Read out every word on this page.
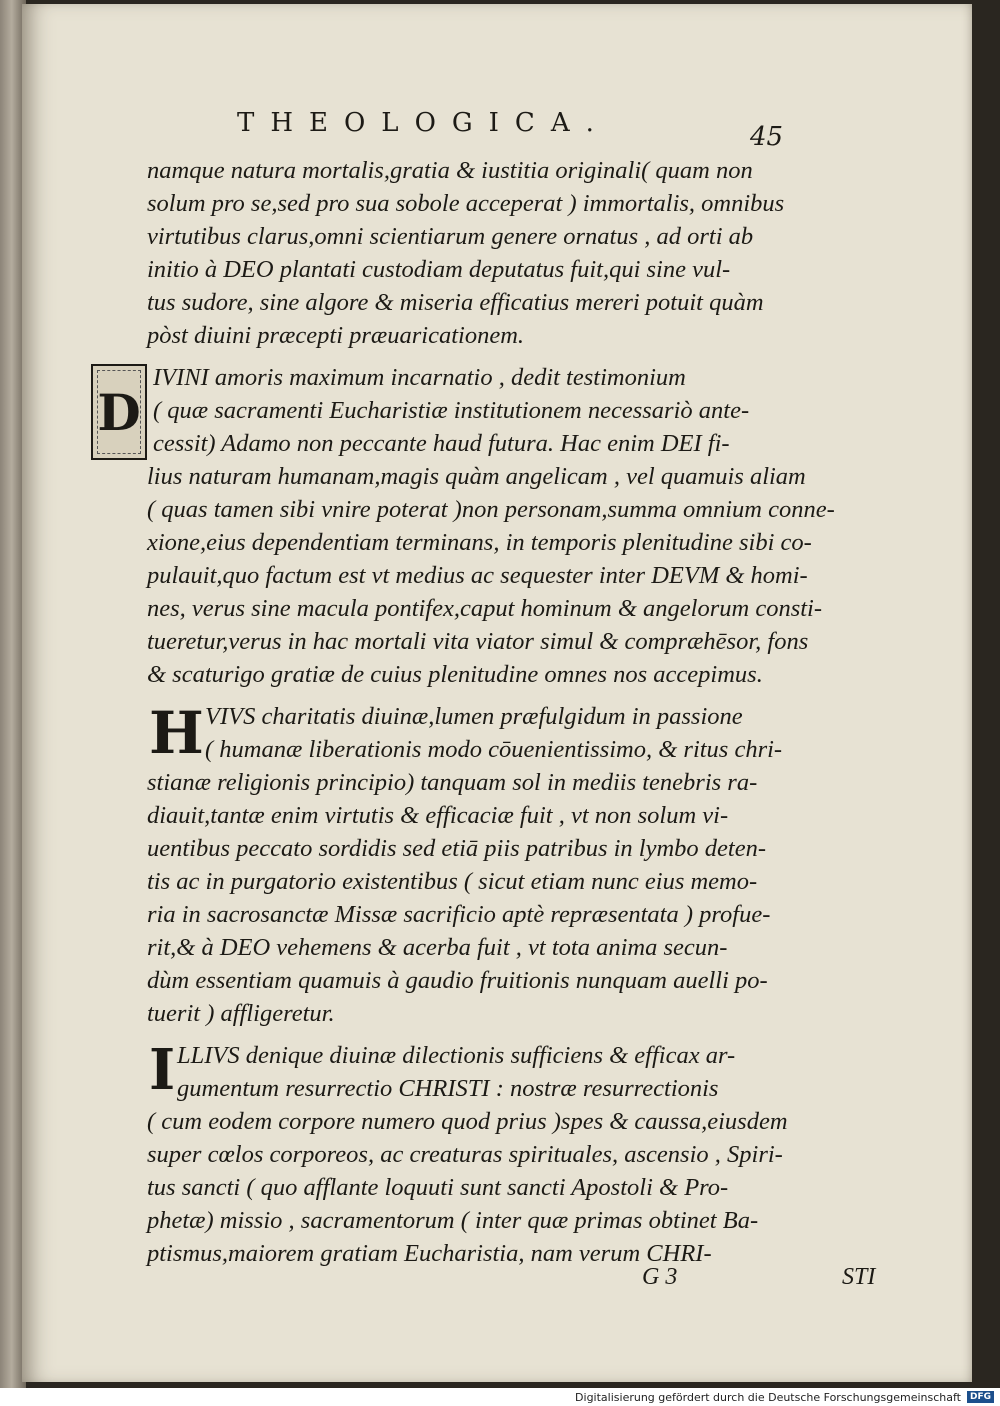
THEOLOGICA.	45
namque natura mortalis,gratia & iustitia originali( quam non
solum pro se,sed pro sua sobole acceperat ) immortalis, omnibus
virtutibus clarus,omni scientiarum genere ornatus , ad orti ab
initio à DEO plantati custodiam deputatus fuit,qui sine vul-
tus sudore, sine algore & miseria efficatius mereri potuit quàm
pòst diuini præcepti præuaricationem.
D
IVINI amoris maximum incarnatio , dedit testimonium
( quæ sacramenti Eucharistiæ institutionem necessariò ante-
cessit) Adamo non peccante haud futura. Hac enim DEI fi-
lius naturam humanam,magis quàm angelicam , vel quamuis aliam
( quas tamen sibi vnire poterat )non personam,summa omnium conne-
xione,eius dependentiam terminans, in temporis plenitudine sibi co-
pulauit,quo factum est vt medius ac sequester inter DEVM & homi-
nes, verus sine macula pontifex,caput hominum & angelorum consti-
tueretur,verus in hac mortali vita viator simul & compræhēsor, fons
& scaturigo gratiæ de cuius plenitudine omnes nos accepimus.
H VIVS charitatis diuinæ,lumen præfulgidum in passione
( humanæ liberationis modo cōuenientissimo, & ritus chri-
stianæ religionis principio) tanquam sol in mediis tenebris ra-
diauit,tantæ enim virtutis & efficaciæ fuit , vt non solum vi-
uentibus peccato sordidis sed etiā piis patribus in lymbo deten-
tis ac in purgatorio existentibus ( sicut etiam nunc eius memo-
ria in sacrosanctæ Missæ sacrificio aptè repræsentata ) profue-
rit,& à DEO vehemens & acerba fuit , vt tota anima secun-
dùm essentiam quamuis à gaudio fruitionis nunquam auelli po-
tuerit ) affligeretur.
I LLIVS denique diuinæ dilectionis sufficiens & efficax ar-
gumentum resurrectio CHRISTI : nostræ resurrectionis
( cum eodem corpore numero quod prius )spes & caussa,eiusdem
super cœlos corporeos, ac creaturas spirituales, ascensio , Spiri-
tus sancti ( quo afflante loquuti sunt sancti Apostoli & Pro-
phetæ) missio , sacramentorum ( inter quæ primas obtinet Ba-
ptismus,maiorem gratiam Eucharistia, nam verum CHRI-
G 3	STI
Digitalisierung gefördert durch die Deutsche Forschungsgemeinschaft	DFG
